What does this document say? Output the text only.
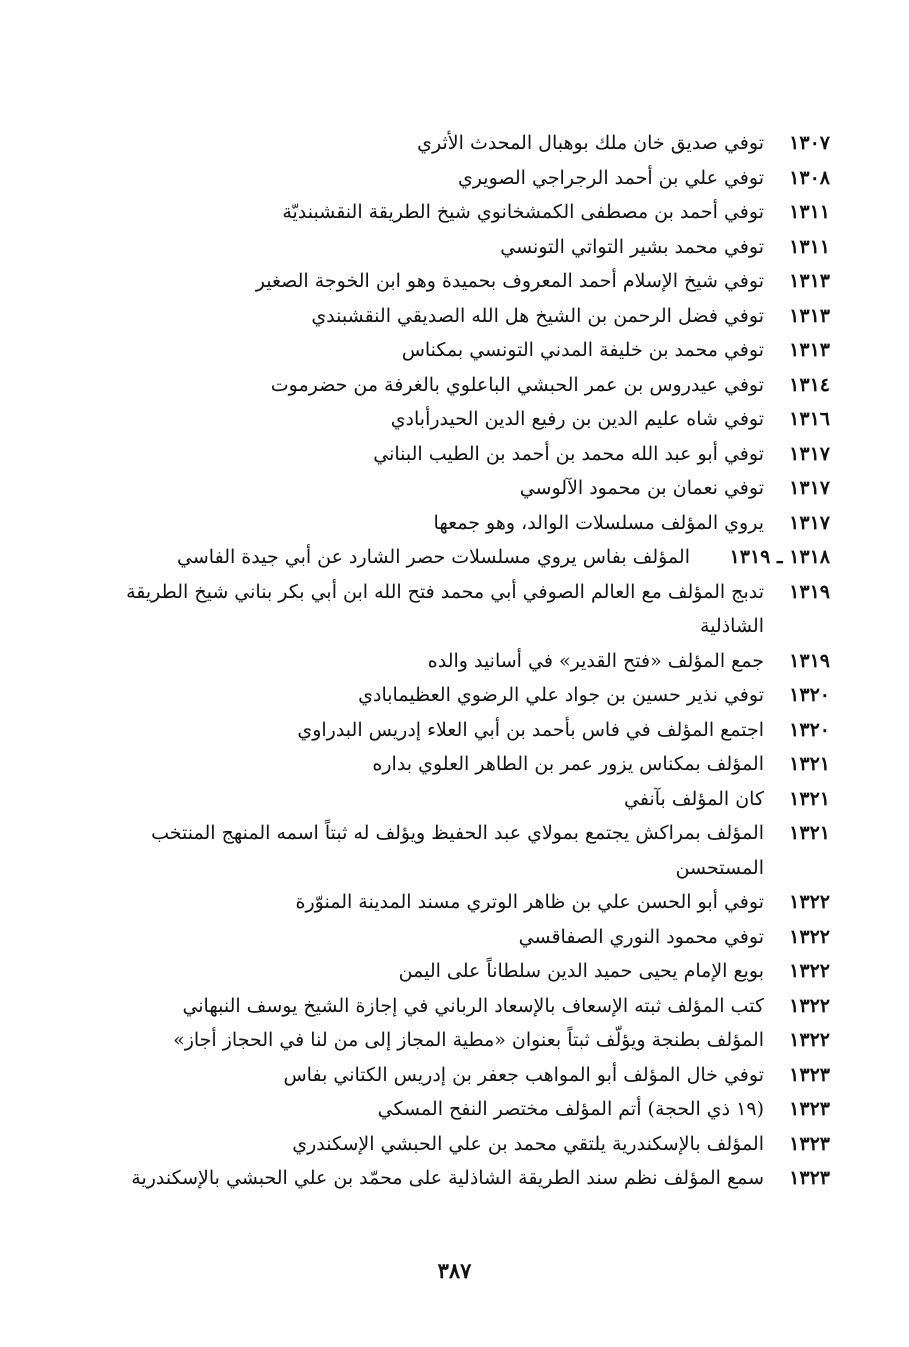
١٣٠٧
توفي صديق خان ملك بوهبال المحدث الأثري
١٣٠٨
توفي علي بن أحمد الرجراجي الصويري
١٣١١
توفي أحمد بن مصطفى الكمشخانوي شيخ الطريقة النقشبنديّة
١٣١١
توفي محمد بشير التواتي التونسي
١٣١٣
توفي شيخ الإسلام أحمد المعروف بحميدة وهو ابن الخوجة الصغير
١٣١٣
توفي فضل الرحمن بن الشيخ هل الله الصديقي النقشبندي
١٣١٣
توفي محمد بن خليفة المدني التونسي بمكناس
١٣١٤
توفي عيدروس بن عمر الحبشي الباعلوي بالغرفة من حضرموت
١٣١٦
توفي شاه عليم الدين بن رفيع الدين الحيدرأبادي
١٣١٧
توفي أبو عبد الله محمد بن أحمد بن الطيب البناني
١٣١٧
توفي نعمان بن محمود الآلوسي
١٣١٧
يروي المؤلف مسلسلات الوالد، وهو جمعها
١٣١٨ ـ ١٣١٩
المؤلف بفاس يروي مسلسلات حصر الشارد عن أبي جيدة الفاسي
١٣١٩
تدبج المؤلف مع العالم الصوفي أبي محمد فتح الله ابن أبي بكر بناني شيخ الطريقة الشاذلية
١٣١٩
جمع المؤلف «فتح القدير» في أسانيد والده
١٣٢٠
توفي نذير حسين بن جواد علي الرضوي العظيمابادي
١٣٢٠
اجتمع المؤلف في فاس بأحمد بن أبي العلاء إدريس البدراوي
١٣٢١
المؤلف بمكناس يزور عمر بن الطاهر العلوي بداره
١٣٢١
كان المؤلف بآنفي
١٣٢١
المؤلف بمراكش يجتمع بمولاي عبد الحفيظ ويؤلف له ثبتاً اسمه المنهج المنتخب المستحسن
١٣٢٢
توفي أبو الحسن علي بن ظاهر الوتري مسند المدينة المنوّرة
١٣٢٢
توفي محمود النوري الصفاقسي
١٣٢٢
بويع الإمام يحيى حميد الدين سلطاناً على اليمن
١٣٢٢
كتب المؤلف ثبته الإسعاف بالإسعاد الرباني في إجازة الشيخ يوسف النبهاني
١٣٢٢
المؤلف بطنجة ويؤلّف ثبتاً بعنوان «مطية المجاز إلى من لنا في الحجاز أجاز»
١٣٢٣
توفي خال المؤلف أبو المواهب جعفر بن إدريس الكتاني بفاس
١٣٢٣
(١٩ ذي الحجة) أتم المؤلف مختصر النفح المسكي
١٣٢٣
المؤلف بالإسكندرية يلتقي محمد بن علي الحبشي الإسكندري
١٣٢٣
سمع المؤلف نظم سند الطريقة الشاذلية على محمّد بن علي الحبشي بالإسكندرية
٣٨٧
